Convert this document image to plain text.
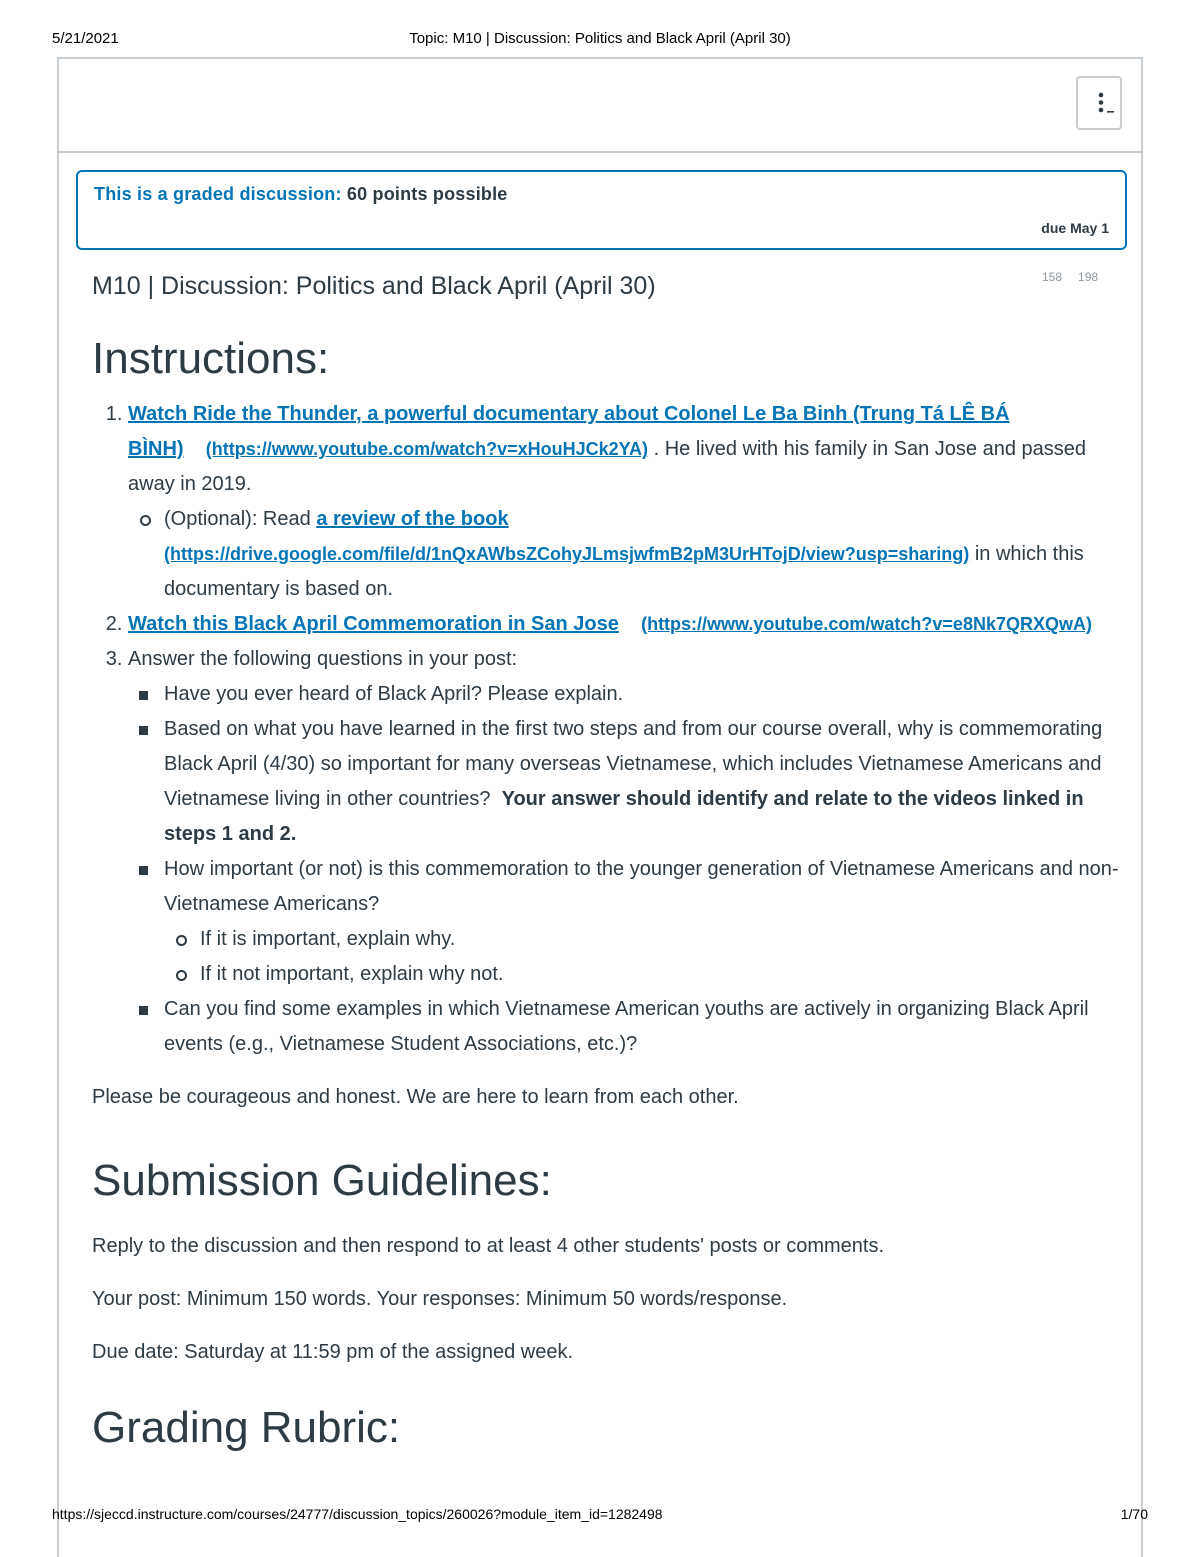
5/21/2021	Topic: M10 | Discussion: Politics and Black April (April 30)
This is a graded discussion: 60 points possible
due May 1
158 198
M10 | Discussion: Politics and Black April (April 30)
Instructions:
1. Watch Ride the Thunder, a powerful documentary about Colonel Le Ba Binh (Trung Tá LÊ BÁ BÌNH) (https://www.youtube.com/watch?v=xHouHJCk2YA) . He lived with his family in San Jose and passed away in 2019.
(Optional): Read a review of the book
(https://drive.google.com/file/d/1nQxAWbsZCohyJLmsjwfmB2pM3UrHTojD/view?usp=sharing) in which this documentary is based on.
2. Watch this Black April Commemoration in San Jose (https://www.youtube.com/watch?v=e8Nk7QRXQwA)
3. Answer the following questions in your post:
Have you ever heard of Black April? Please explain.
Based on what you have learned in the first two steps and from our course overall, why is commemorating Black April (4/30) so important for many overseas Vietnamese, which includes Vietnamese Americans and Vietnamese living in other countries? Your answer should identify and relate to the videos linked in steps 1 and 2.
How important (or not) is this commemoration to the younger generation of Vietnamese Americans and non-Vietnamese Americans?
If it is important, explain why.
If it not important, explain why not.
Can you find some examples in which Vietnamese American youths are actively in organizing Black April events (e.g., Vietnamese Student Associations, etc.)?

Please be courageous and honest. We are here to learn from each other.

Submission Guidelines:

Reply to the discussion and then respond to at least 4 other students' posts or comments.

Your post: Minimum 150 words. Your responses: Minimum 50 words/response.

Due date: Saturday at 11:59 pm of the assigned week.

Grading Rubric:
https://sjeccd.instructure.com/courses/24777/discussion_topics/260026?module_item_id=1282498	1/70
